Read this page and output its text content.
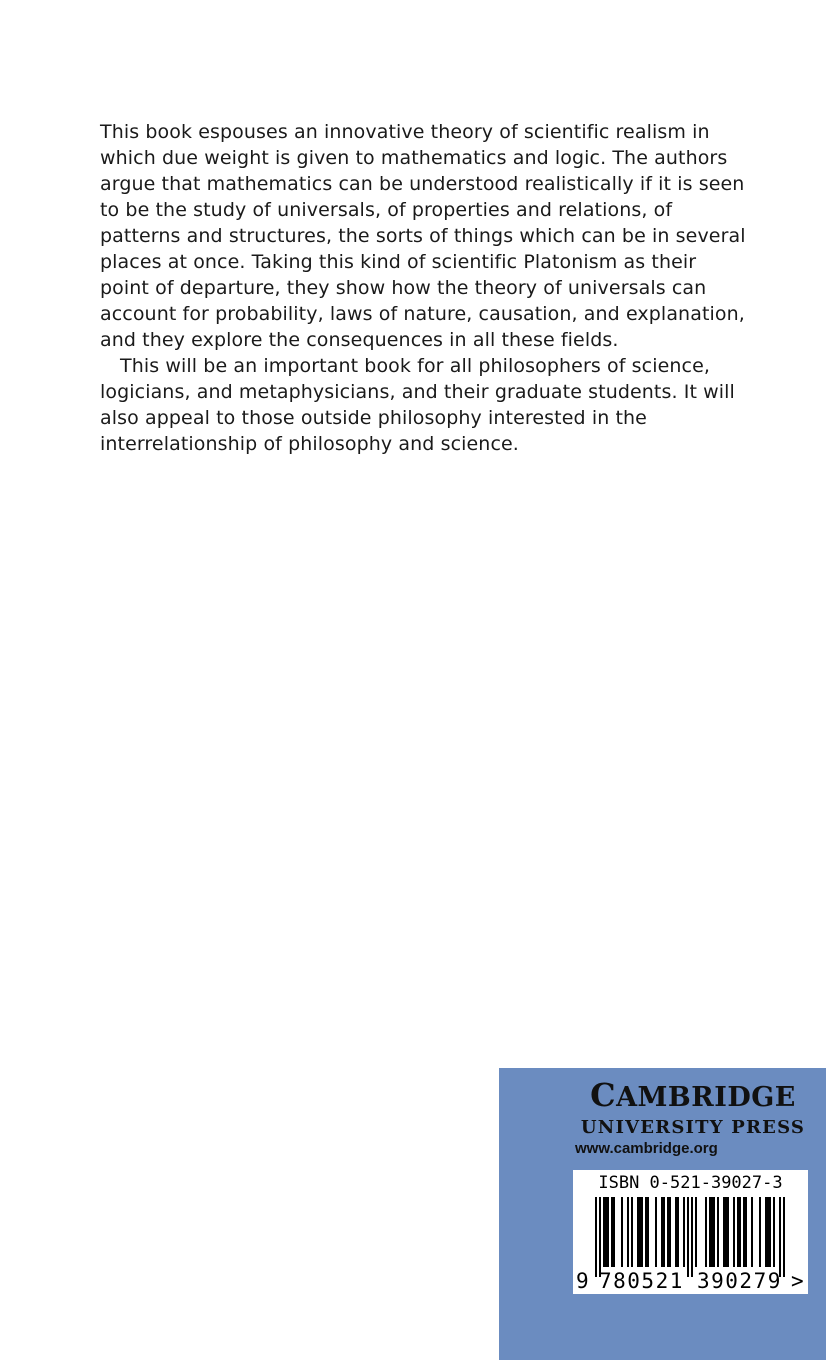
This book espouses an innovative theory of scientific realism in
which due weight is given to mathematics and logic. The authors
argue that mathematics can be understood realistically if it is seen
to be the study of universals, of properties and relations, of
patterns and structures, the sorts of things which can be in several
places at once. Taking this kind of scientific Platonism as their
point of departure, they show how the theory of universals can
account for probability, laws of nature, causation, and explanation,
and they explore the consequences in all these fields.

This will be an important book for all philosophers of science,
logicians, and metaphysicians, and their graduate students. It will
also appeal to those outside philosophy interested in the
interrelationship of philosophy and science.

CAMBRIDGE
UNIVERSITY PRESS
www.cambridge.org
ISBN 0-521-39027-3
9 780521 390279 >
